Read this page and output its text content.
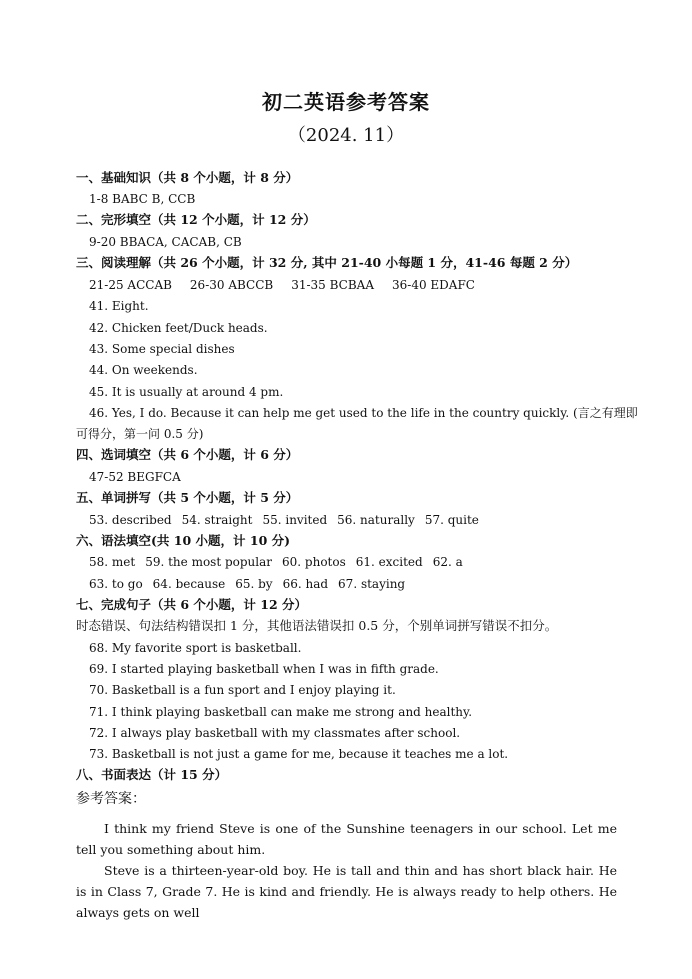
初二英语参考答案
（2024. 11）
一、基础知识（共 8 个小题，计 8 分）
1-8 BABC B, CCB
二、完形填空（共 12 个小题，计 12 分）
9-20 BBACA, CACAB, CB
三、阅读理解（共 26 个小题，计 32 分, 其中 21-40 小每题 1 分，41-46 每题 2 分）
21-25 ACCAB 26-30 ABCCB 31-35 BCBAA 36-40 EDAFC
41. Eight.
42. Chicken feet/Duck heads.
43. Some special dishes
44. On weekends.
45. It is usually at around 4 pm.
46. Yes, I do. Because it can help me get used to the life in the country quickly. (言之有理即
可得分，第一问 0.5 分)
四、选词填空（共 6 个小题，计 6 分）
47-52 BEGFCA
五、单词拼写（共 5 个小题，计 5 分）
53. described 54. straight 55. invited 56. naturally 57. quite
六、语法填空(共 10 小题，计 10 分)
58. met 59. the most popular 60. photos 61. excited 62. a
63. to go 64. because 65. by 66. had 67. staying
七、完成句子（共 6 个小题，计 12 分）
时态错误、句法结构错误扣 1 分，其他语法错误扣 0.5 分，个别单词拼写错误不扣分。
68. My favorite sport is basketball.
69. I started playing basketball when I was in fifth grade.
70. Basketball is a fun sport and I enjoy playing it.
71. I think playing basketball can make me strong and healthy.
72. I always play basketball with my classmates after school.
73. Basketball is not just a game for me, because it teaches me a lot.
八、书面表达（计 15 分）
参考答案：
I think my friend Steve is one of the Sunshine teenagers in our school. Let me tell you something about him.
Steve is a thirteen-year-old boy. He is tall and thin and has short black hair. He is in Class 7, Grade 7. He is kind and friendly. He is always ready to help others. He always gets on well
